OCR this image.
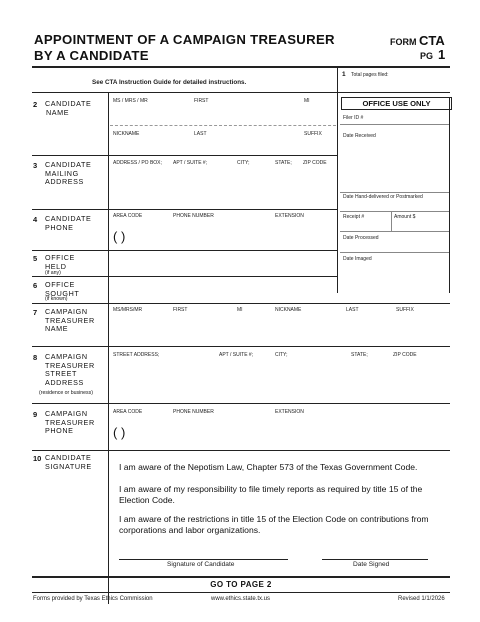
APPOINTMENT OF A CAMPAIGN TREASURER
BY A CANDIDATE
FORM CTA
PG 1
See CTA Instruction Guide for detailed instructions.
1 Total pages filed:
OFFICE USE ONLY
Filer ID #
Date Received
Date Hand-delivered or Postmarked
Receipt #	Amount $
Date Processed
Date Imaged
2 CANDIDATE
NAME
MS / MRS / MR	FIRST	MI
NICKNAME	LAST	SUFFIX
3 CANDIDATE
MAILING
ADDRESS
ADDRESS / PO BOX; APT / SUITE #;	CITY;	STATE; ZIP CODE
4 CANDIDATE
PHONE
AREA CODE	PHONE NUMBER	EXTENSION
( )
5 OFFICE
HELD
(if any)
6 OFFICE
SOUGHT
(if known)
7 CAMPAIGN
TREASURER
NAME
MS/MRS/MR	FIRST	MI	NICKNAME	LAST	SUFFIX
8 CAMPAIGN
TREASURER
STREET
ADDRESS
(residence or business)
STREET ADDRESS;	APT / SUITE #;	CITY;	STATE;	ZIP CODE
9 CAMPAIGN
TREASURER
PHONE
AREA CODE	PHONE NUMBER	EXTENSION
( )
10 CANDIDATE
SIGNATURE	I am aware of the Nepotism Law, Chapter 573 of the Texas Government Code.
I am aware of my responsibility to file timely reports as required by title 15 of the Election Code.
I am aware of the restrictions in title 15 of the Election Code on contributions from corporations and labor organizations.
Signature of Candidate	Date Signed
GO TO PAGE 2
Forms provided by Texas Ethics Commission	www.ethics.state.tx.us	Revised 1/1/2026
